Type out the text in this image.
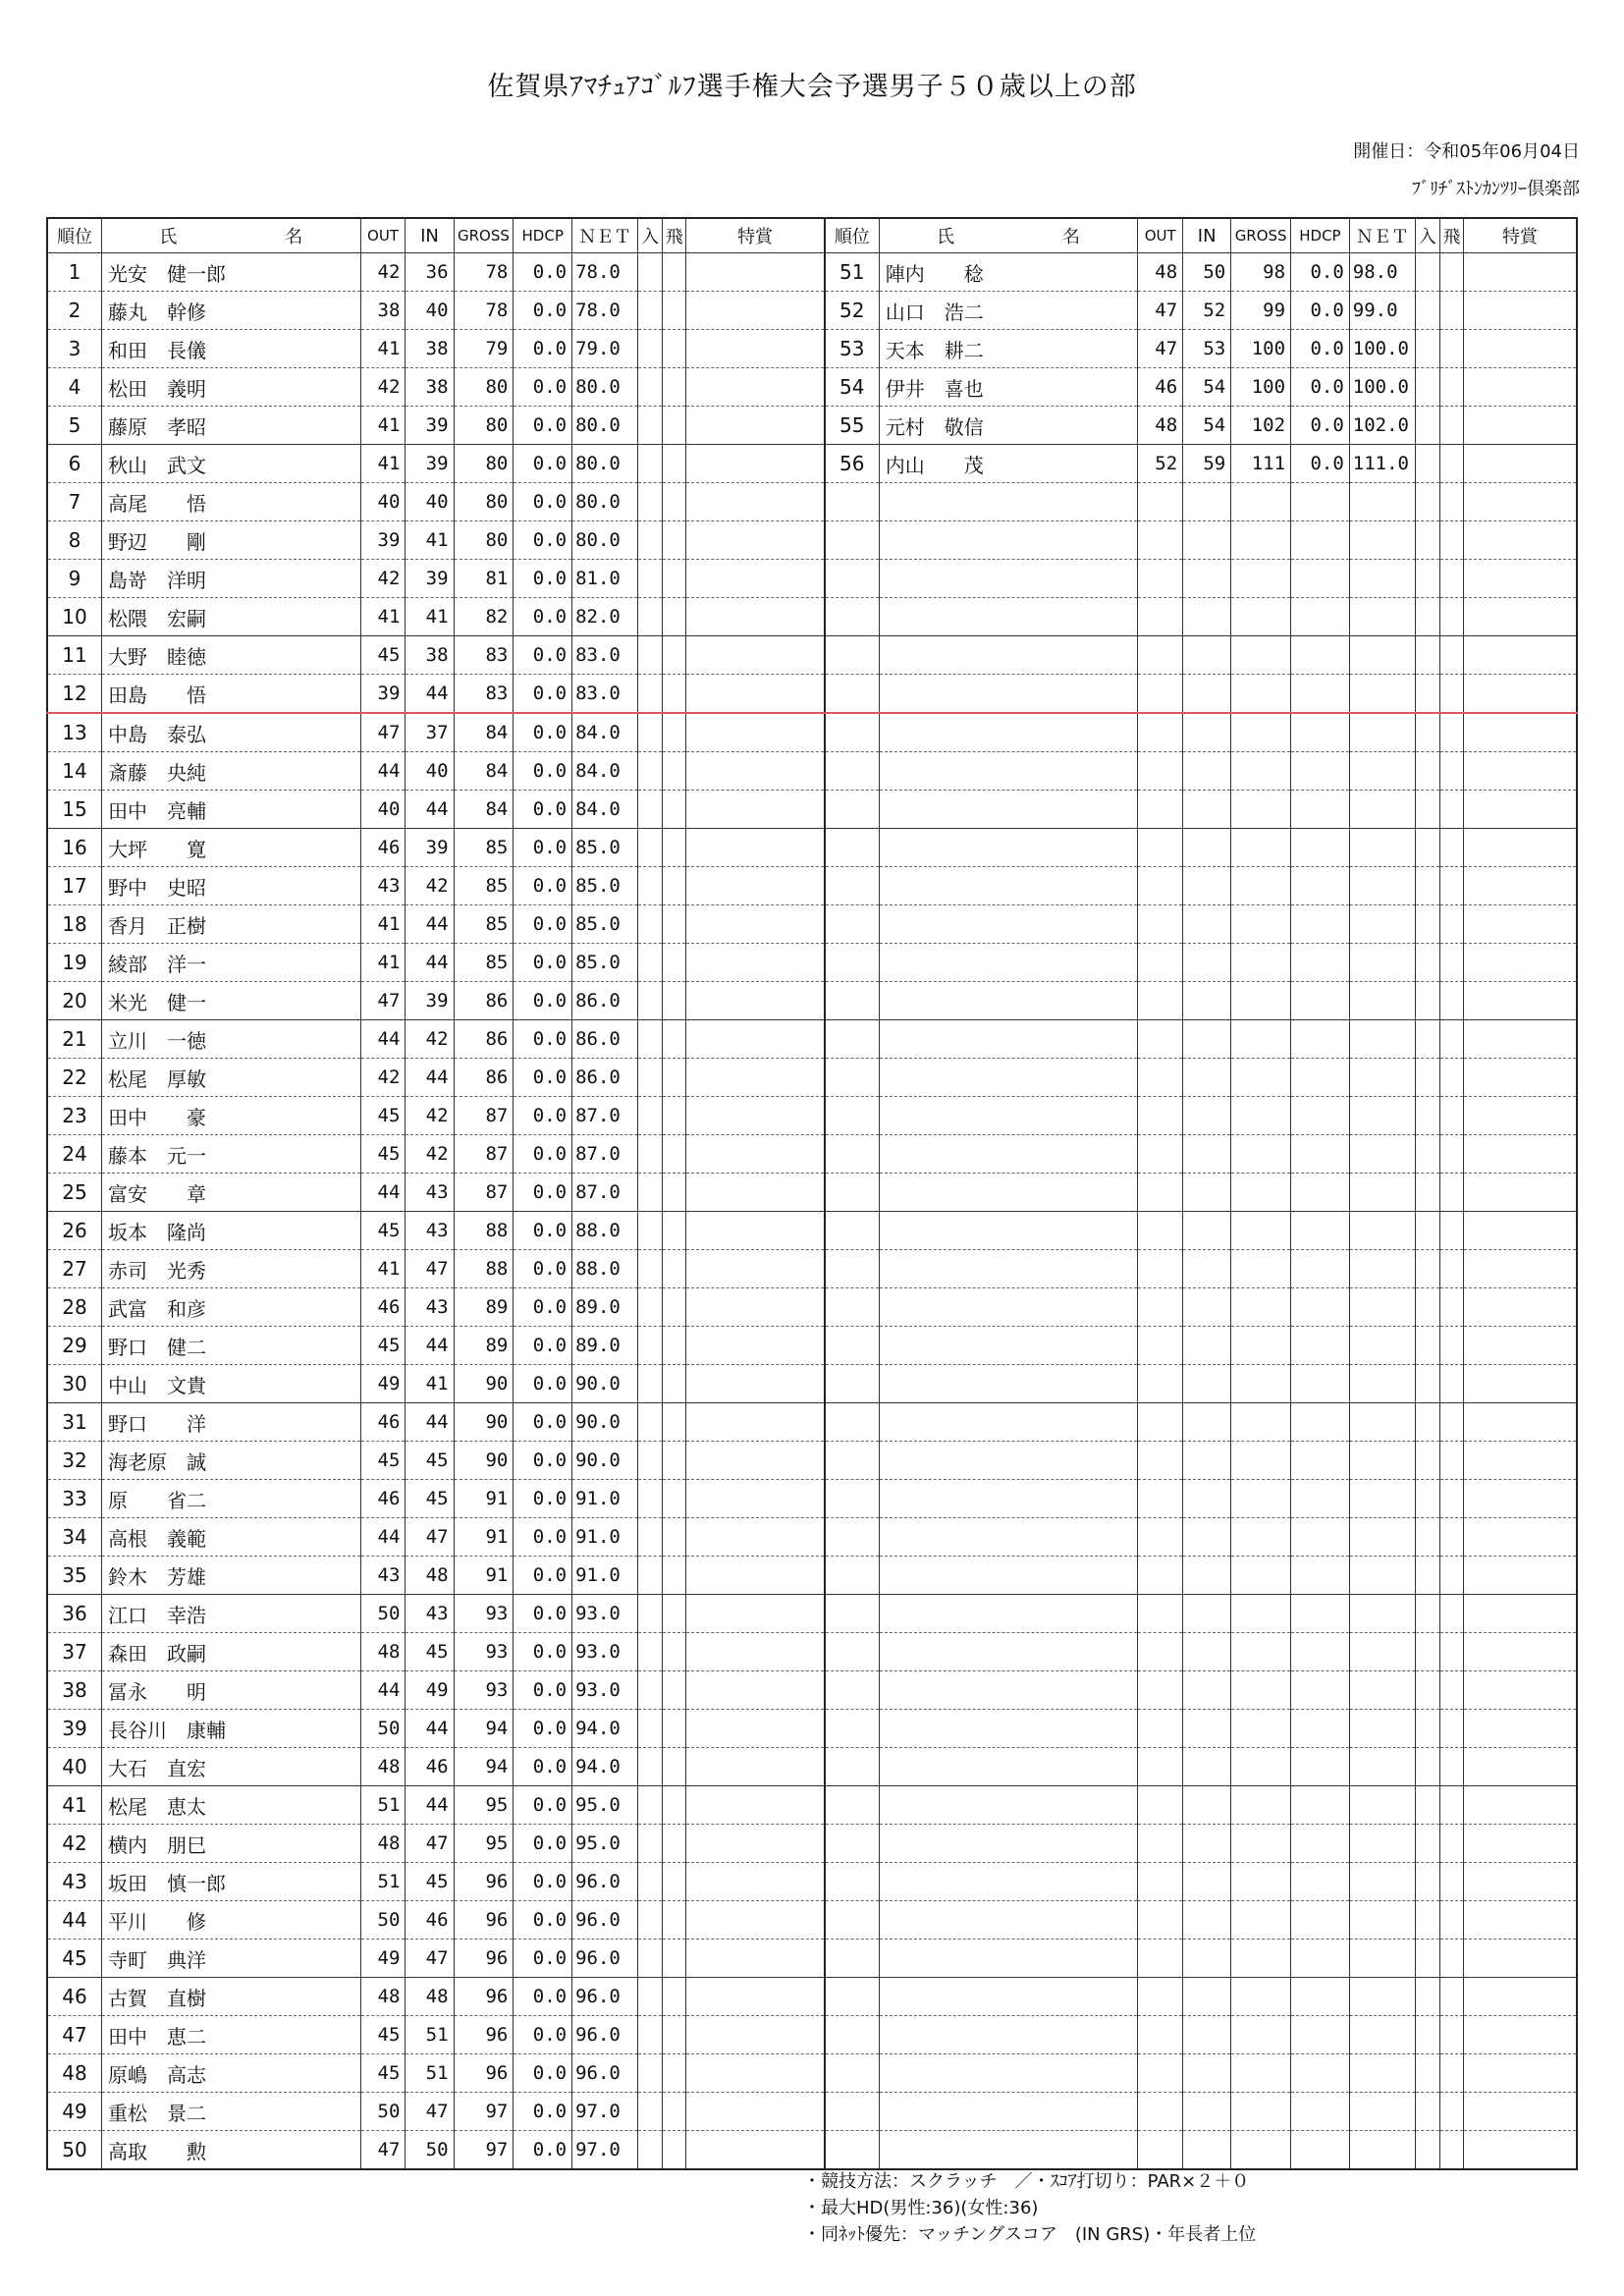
佐賀県ｱﾏﾁｭｱｺﾞﾙﾌ選手権大会予選男子５０歳以上の部
開催日：令和05年06月04日
ﾌﾞﾘﾁﾞｽﾄﾝｶﾝﾂﾘｰ倶楽部
順位	氏 名	OUT	IN	GROSS	HDCP	ＮＥＴ	入	飛	特賞	順位	氏 名	OUT	IN	GROSS	HDCP	ＮＥＴ	入	飛	特賞
1	光安　健一郎	42	36	78	0.0	78.0				51	陣内　　稔	48	50	98	0.0	98.0			
2	藤丸　幹修	38	40	78	0.0	78.0				52	山口　浩二	47	52	99	0.0	99.0			
3	和田　長儀	41	38	79	0.0	79.0				53	天本　耕二	47	53	100	0.0	100.0			
4	松田　義明	42	38	80	0.0	80.0				54	伊井　喜也	46	54	100	0.0	100.0			
5	藤原　孝昭	41	39	80	0.0	80.0				55	元村　敬信	48	54	102	0.0	102.0			
6	秋山　武文	41	39	80	0.0	80.0				56	内山　　茂	52	59	111	0.0	111.0			
7	高尾　　悟	40	40	80	0.0	80.0													
8	野辺　　剛	39	41	80	0.0	80.0													
9	島嵜　洋明	42	39	81	0.0	81.0													
10	松隈　宏嗣	41	41	82	0.0	82.0													
11	大野　睦徳	45	38	83	0.0	83.0													
12	田島　　悟	39	44	83	0.0	83.0													
13	中島　泰弘	47	37	84	0.0	84.0													
14	斎藤　央純	44	40	84	0.0	84.0													
15	田中　亮輔	40	44	84	0.0	84.0													
16	大坪　　寛	46	39	85	0.0	85.0													
17	野中　史昭	43	42	85	0.0	85.0													
18	香月　正樹	41	44	85	0.0	85.0													
19	綾部　洋一	41	44	85	0.0	85.0													
20	米光　健一	47	39	86	0.0	86.0													
21	立川　一徳	44	42	86	0.0	86.0													
22	松尾　厚敏	42	44	86	0.0	86.0													
23	田中　　豪	45	42	87	0.0	87.0													
24	藤本　元一	45	42	87	0.0	87.0													
25	富安　　章	44	43	87	0.0	87.0													
26	坂本　隆尚	45	43	88	0.0	88.0													
27	赤司　光秀	41	47	88	0.0	88.0													
28	武富　和彦	46	43	89	0.0	89.0													
29	野口　健二	45	44	89	0.0	89.0													
30	中山　文貴	49	41	90	0.0	90.0													
31	野口　　洋	46	44	90	0.0	90.0													
32	海老原　誠	45	45	90	0.0	90.0													
33	原　　省二	46	45	91	0.0	91.0													
34	高根　義範	44	47	91	0.0	91.0													
35	鈴木　芳雄	43	48	91	0.0	91.0													
36	江口　幸浩	50	43	93	0.0	93.0													
37	森田　政嗣	48	45	93	0.0	93.0													
38	冨永　　明	44	49	93	0.0	93.0													
39	長谷川　康輔	50	44	94	0.0	94.0													
40	大石　直宏	48	46	94	0.0	94.0													
41	松尾　恵太	51	44	95	0.0	95.0													
42	横内　朋巳	48	47	95	0.0	95.0													
43	坂田　慎一郎	51	45	96	0.0	96.0													
44	平川　　修	50	46	96	0.0	96.0													
45	寺町　典洋	49	47	96	0.0	96.0													
46	古賀　直樹	48	48	96	0.0	96.0													
47	田中　恵二	45	51	96	0.0	96.0													
48	原嶋　高志	45	51	96	0.0	96.0													
49	重松　景二	50	47	97	0.0	97.0													
50	高取　　勲	47	50	97	0.0	97.0													
・競技方法：スクラッチ　／・ｽｺｱ打切り：PAR×２＋０
・最大HD(男性:36)(女性:36)
・同ﾈｯﾄ優先：マッチングスコア　(IN GRS)・年長者上位
